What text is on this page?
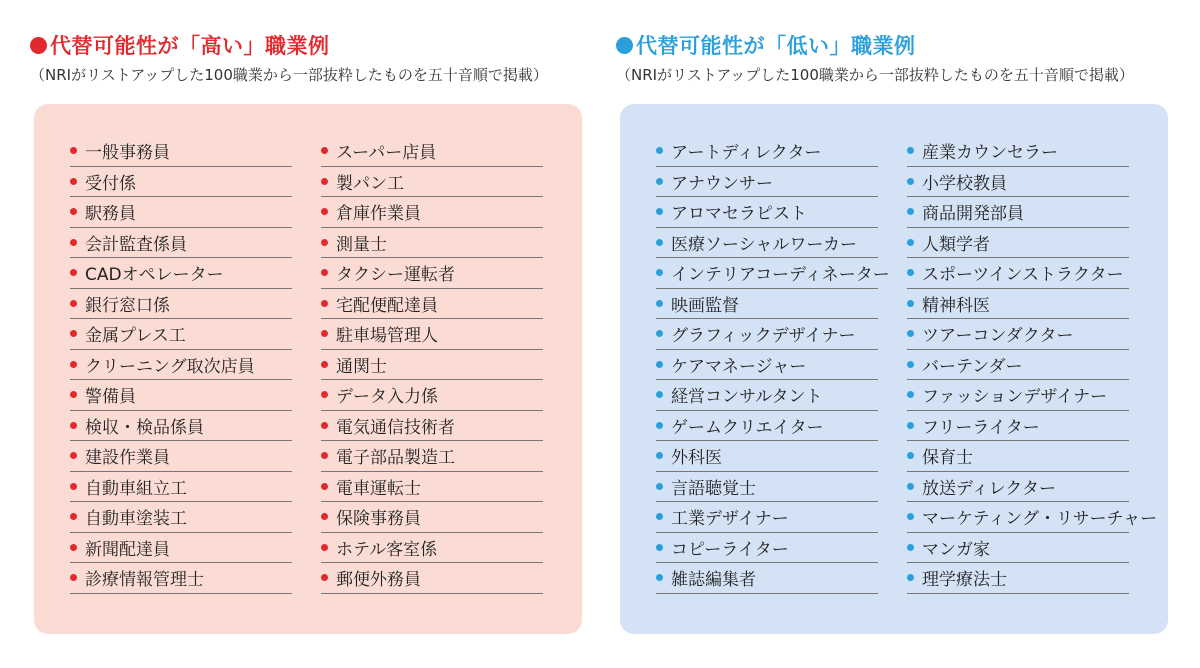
代替可能性が「高い」職業例
（NRIがリストアップした100職業から一部抜粋したものを五十音順で掲載）
一般事務員
受付係
駅務員
会計監査係員
CADオペレーター
銀行窓口係
金属プレス工
クリーニング取次店員
警備員
検収・検品係員
建設作業員
自動車組立工
自動車塗装工
新聞配達員
診療情報管理士
スーパー店員
製パン工
倉庫作業員
測量士
タクシー運転者
宅配便配達員
駐車場管理人
通関士
データ入力係
電気通信技術者
電子部品製造工
電車運転士
保険事務員
ホテル客室係
郵便外務員
代替可能性が「低い」職業例
（NRIがリストアップした100職業から一部抜粋したものを五十音順で掲載）
アートディレクター
アナウンサー
アロマセラピスト
医療ソーシャルワーカー
インテリアコーディネーター
映画監督
グラフィックデザイナー
ケアマネージャー
経営コンサルタント
ゲームクリエイター
外科医
言語聴覚士
工業デザイナー
コピーライター
雑誌編集者
産業カウンセラー
小学校教員
商品開発部員
人類学者
スポーツインストラクター
精神科医
ツアーコンダクター
バーテンダー
ファッションデザイナー
フリーライター
保育士
放送ディレクター
マーケティング・リサーチャー
マンガ家
理学療法士
